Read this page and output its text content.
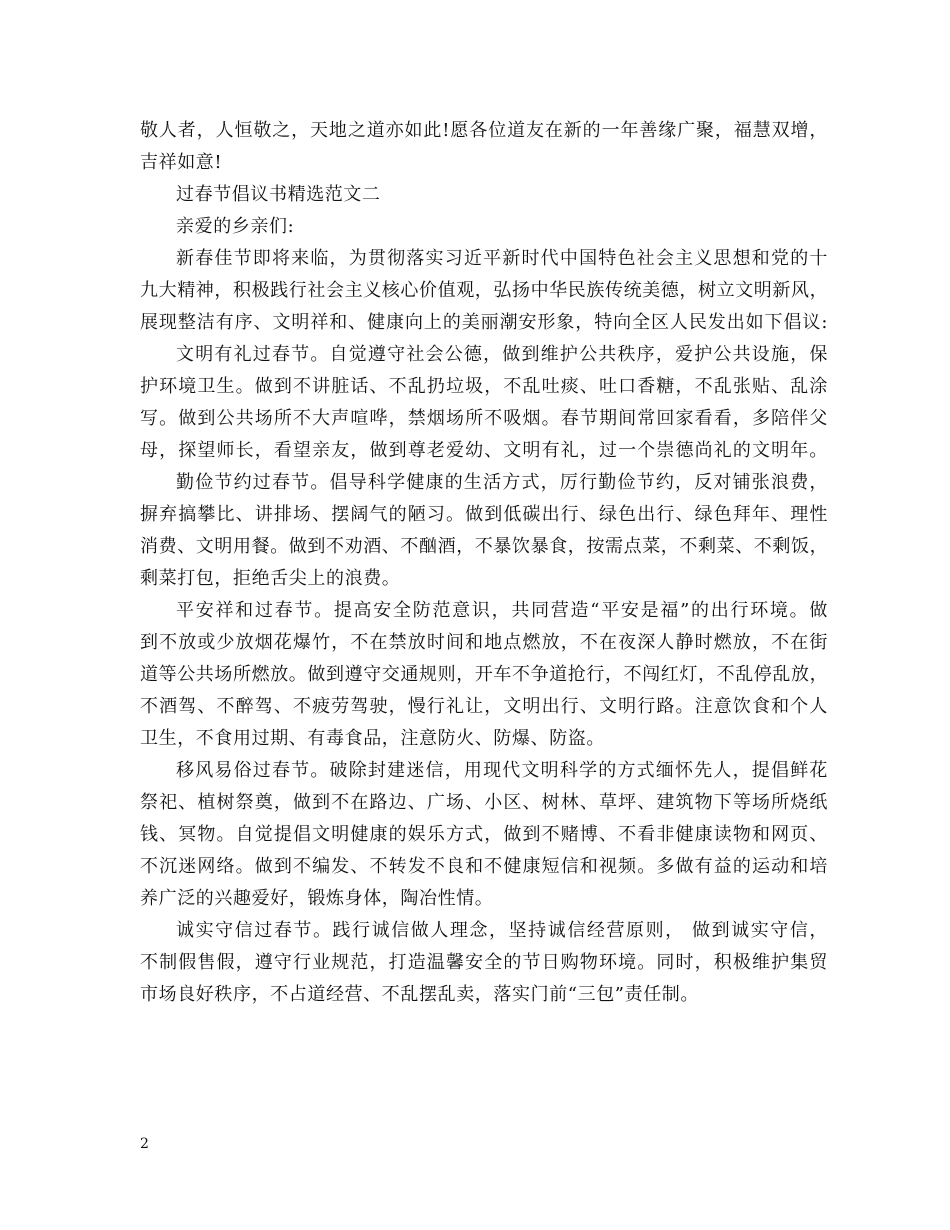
敬人者，人恒敬之，天地之道亦如此!愿各位道友在新的一年善缘广聚，福慧双增，
吉祥如意!
过春节倡议书精选范文二
亲爱的乡亲们:
新春佳节即将来临，为贯彻落实习近平新时代中国特色社会主义思想和党的十
九大精神，积极践行社会主义核心价值观，弘扬中华民族传统美德，树立文明新风，
展现整洁有序、文明祥和、健康向上的美丽潮安形象，特向全区人民发出如下倡议:
文明有礼过春节。自觉遵守社会公德，做到维护公共秩序，爱护公共设施，保
护环境卫生。做到不讲脏话、不乱扔垃圾，不乱吐痰、吐口香糖，不乱张贴、乱涂
写。做到公共场所不大声喧哗，禁烟场所不吸烟。春节期间常回家看看，多陪伴父
母，探望师长，看望亲友，做到尊老爱幼、文明有礼，过一个崇德尚礼的文明年。
勤俭节约过春节。倡导科学健康的生活方式，厉行勤俭节约，反对铺张浪费，
摒弃搞攀比、讲排场、摆阔气的陋习。做到低碳出行、绿色出行、绿色拜年、理性
消费、文明用餐。做到不劝酒、不酗酒，不暴饮暴食，按需点菜，不剩菜、不剩饭，
剩菜打包，拒绝舌尖上的浪费。
平安祥和过春节。提高安全防范意识，共同营造“平安是福”的出行环境。做
到不放或少放烟花爆竹，不在禁放时间和地点燃放，不在夜深人静时燃放，不在街
道等公共场所燃放。做到遵守交通规则，开车不争道抢行，不闯红灯，不乱停乱放，
不酒驾、不醉驾、不疲劳驾驶，慢行礼让，文明出行、文明行路。注意饮食和个人
卫生，不食用过期、有毒食品，注意防火、防爆、防盗。
移风易俗过春节。破除封建迷信，用现代文明科学的方式缅怀先人，提倡鲜花
祭祀、植树祭奠，做到不在路边、广场、小区、树林、草坪、建筑物下等场所烧纸
钱、冥物。自觉提倡文明健康的娱乐方式，做到不赌博、不看非健康读物和网页、
不沉迷网络。做到不编发、不转发不良和不健康短信和视频。多做有益的运动和培
养广泛的兴趣爱好，锻炼身体，陶冶性情。
诚实守信过春节。践行诚信做人理念，坚持诚信经营原则， 做到诚实守信，
不制假售假，遵守行业规范，打造温馨安全的节日购物环境。同时，积极维护集贸
市场良好秩序，不占道经营、不乱摆乱卖，落实门前“三包”责任制。
2
